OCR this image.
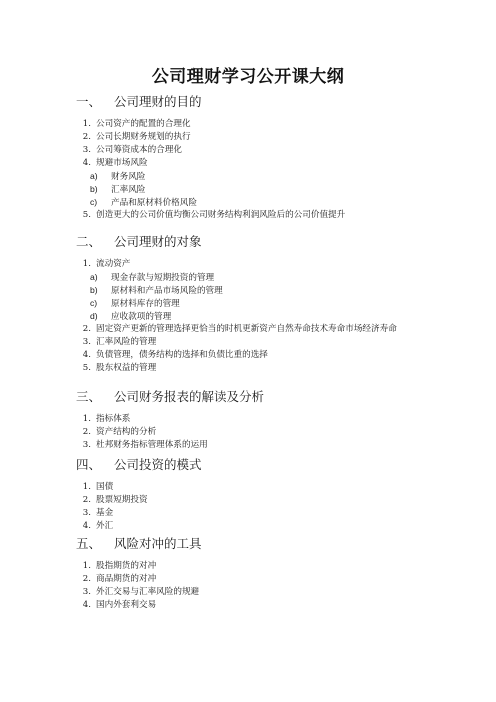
公司理财学习公开课大纲
一、 公司理财的目的
1. 公司资产的配置的合理化
2. 公司长期财务规划的执行
3. 公司筹资成本的合理化
4. 规避市场风险
a) 财务风险
b) 汇率风险
c) 产品和原材料价格风险
5. 创造更大的公司价值均衡公司财务结构利润风险后的公司价值提升
二、 公司理财的对象
1. 流动资产
a) 现金存款与短期投资的管理
b) 原材料和产品市场风险的管理
c) 原材料库存的管理
d) 应收款项的管理
2. 固定资产更新的管理选择更恰当的时机更新资产自然寿命技术寿命市场经济寿命
3. 汇率风险的管理
4. 负债管理，债务结构的选择和负债比重的选择
5. 股东权益的管理
三、 公司财务报表的解读及分析
1. 指标体系
2. 资产结构的分析
3. 杜邦财务指标管理体系的运用
四、 公司投资的模式
1. 国债
2. 股票短期投资
3. 基金
4. 外汇
五、 风险对冲的工具
1. 股指期货的对冲
2. 商品期货的对冲
3. 外汇交易与汇率风险的规避
4. 国内外套利交易
